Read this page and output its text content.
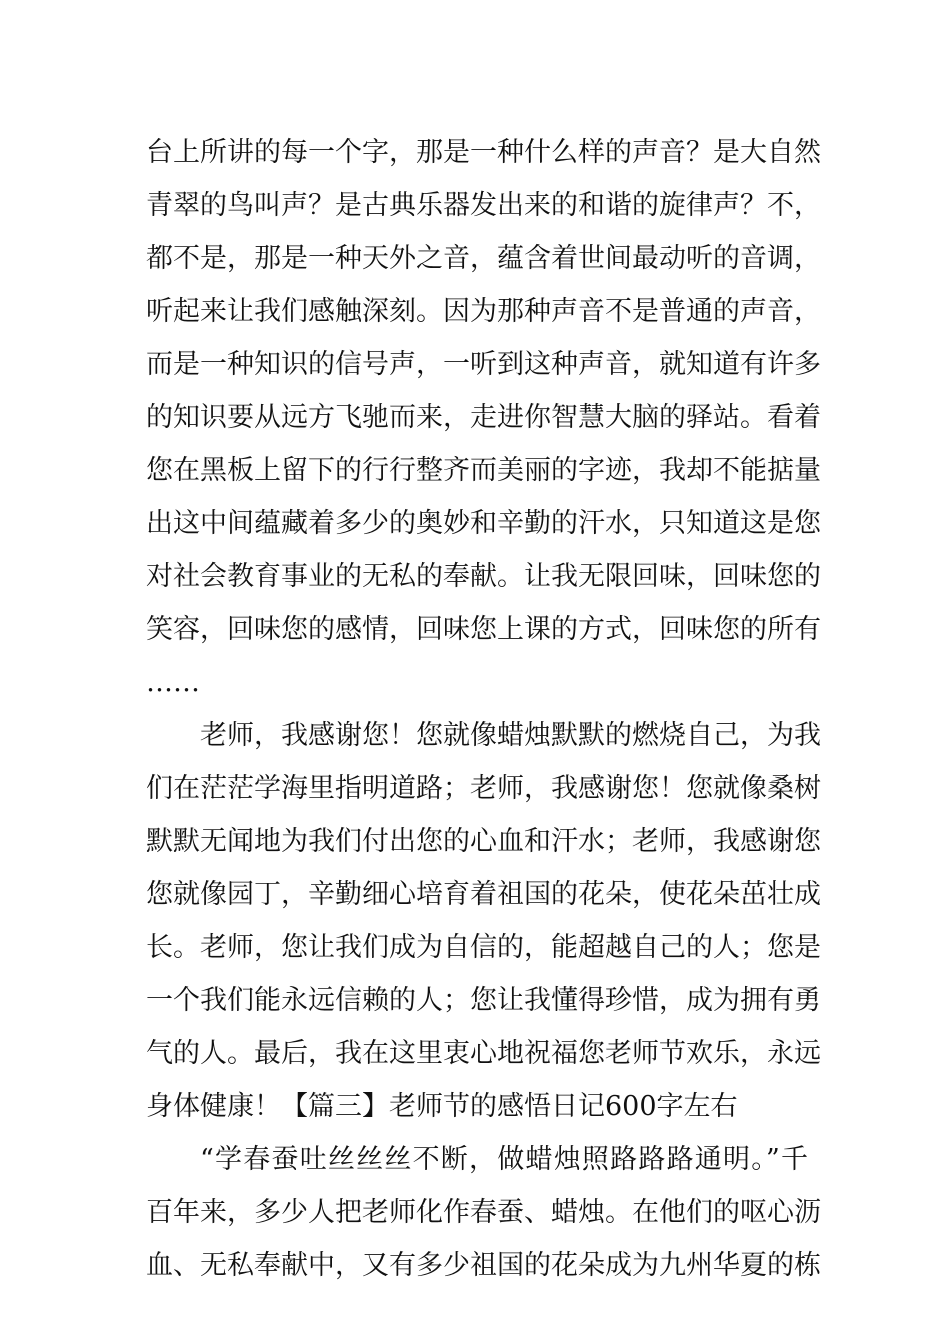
台上所讲的每一个字，那是一种什么样的声音？是大自然
青翠的鸟叫声？是古典乐器发出来的和谐的旋律声？不，
都不是，那是一种天外之音，蕴含着世间最动听的音调，
听起来让我们感触深刻。因为那种声音不是普通的声音，
而是一种知识的信号声，一听到这种声音，就知道有许多
的知识要从远方飞驰而来，走进你智慧大脑的驿站。看着
您在黑板上留下的行行整齐而美丽的字迹，我却不能掂量
出这中间蕴藏着多少的奥妙和辛勤的汗水，只知道这是您
对社会教育事业的无私的奉献。让我无限回味，回味您的
笑容，回味您的感情，回味您上课的方式，回味您的所有
……
老师，我感谢您！您就像蜡烛默默的燃烧自己，为我
们在茫茫学海里指明道路；老师，我感谢您！您就像桑树
默默无闻地为我们付出您的心血和汗水；老师，我感谢您
您就像园丁，辛勤细心培育着祖国的花朵，使花朵茁壮成
长。老师，您让我们成为自信的，能超越自己的人；您是
一个我们能永远信赖的人；您让我懂得珍惜，成为拥有勇
气的人。最后，我在这里衷心地祝福您老师节欢乐，永远
身体健康！【篇三】老师节的感悟日记600字左右
“学春蚕吐丝丝丝不断，做蜡烛照路路路通明。”千
百年来，多少人把老师化作春蚕、蜡烛。在他们的呕心沥
血、无私奉献中，又有多少祖国的花朵成为九州华夏的栋
